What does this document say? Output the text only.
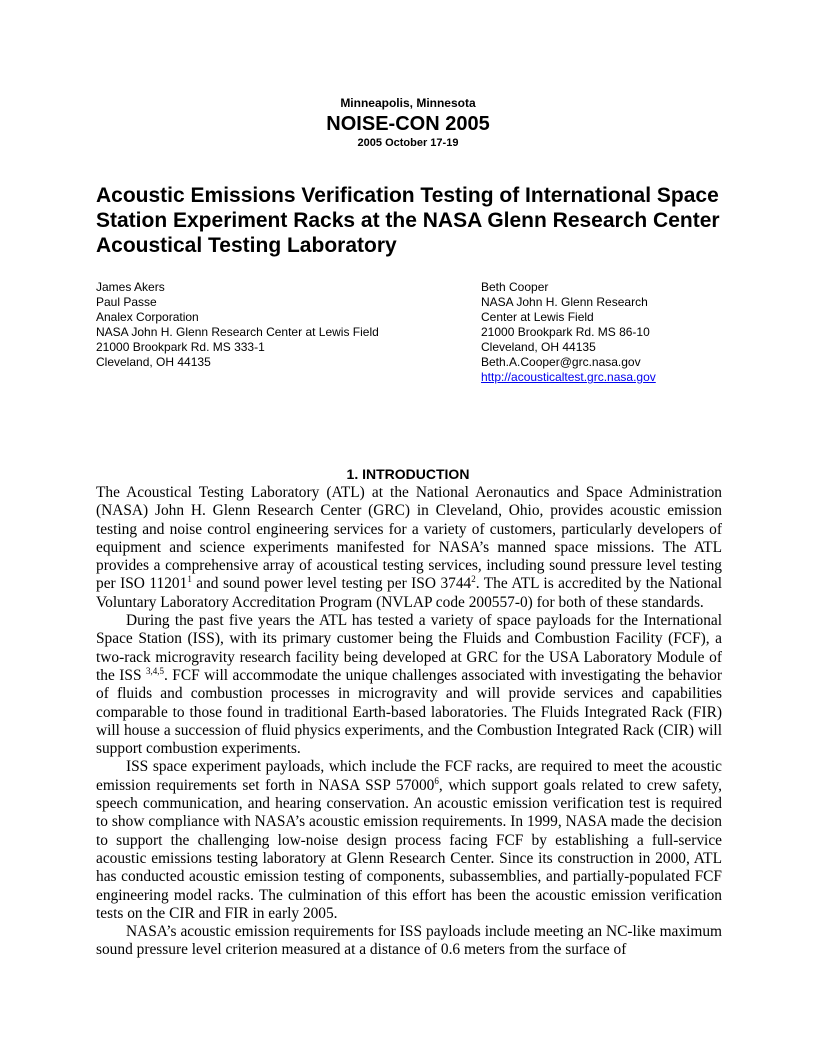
Minneapolis, Minnesota
NOISE-CON 2005
2005 October 17-19
Acoustic Emissions Verification Testing of International Space Station Experiment Racks at the NASA Glenn Research Center Acoustical Testing Laboratory
James Akers
Paul Passe
Analex Corporation
NASA John H. Glenn Research Center at Lewis Field
21000 Brookpark Rd. MS 333-1
Cleveland, OH 44135
Beth Cooper
NASA John H. Glenn Research
Center at Lewis Field
21000 Brookpark Rd. MS 86-10
Cleveland, OH 44135
Beth.A.Cooper@grc.nasa.gov
http://acousticaltest.grc.nasa.gov
1. INTRODUCTION

The Acoustical Testing Laboratory (ATL) at the National Aeronautics and Space Administration (NASA) John H. Glenn Research Center (GRC) in Cleveland, Ohio, provides acoustic emission testing and noise control engineering services for a variety of customers, particularly developers of equipment and science experiments manifested for NASA’s manned space missions. The ATL provides a comprehensive array of acoustical testing services, including sound pressure level testing per ISO 11201$^1$ and sound power level testing per ISO 3744$^2$. The ATL is accredited by the National Voluntary Laboratory Accreditation Program (NVLAP code 200557-0) for both of these standards.

During the past five years the ATL has tested a variety of space payloads for the International Space Station (ISS), with its primary customer being the Fluids and Combustion Facility (FCF), a two-rack microgravity research facility being developed at GRC for the USA Laboratory Module of the ISS $^{3,4,5}$. FCF will accommodate the unique challenges associated with investigating the behavior of fluids and combustion processes in microgravity and will provide services and capabilities comparable to those found in traditional Earth-based laboratories. The Fluids Integrated Rack (FIR) will house a succession of fluid physics experiments, and the Combustion Integrated Rack (CIR) will support combustion experiments.

ISS space experiment payloads, which include the FCF racks, are required to meet the acoustic emission requirements set forth in NASA SSP 57000$^6$, which support goals related to crew safety, speech communication, and hearing conservation. An acoustic emission verification test is required to show compliance with NASA’s acoustic emission requirements. In 1999, NASA made the decision to support the challenging low-noise design process facing FCF by establishing a full-service acoustic emissions testing laboratory at Glenn Research Center. Since its construction in 2000, ATL has conducted acoustic emission testing of components, subassemblies, and partially-populated FCF engineering model racks. The culmination of this effort has been the acoustic emission verification tests on the CIR and FIR in early 2005.

NASA’s acoustic emission requirements for ISS payloads include meeting an NC-like maximum sound pressure level criterion measured at a distance of 0.6 meters from the surface of
